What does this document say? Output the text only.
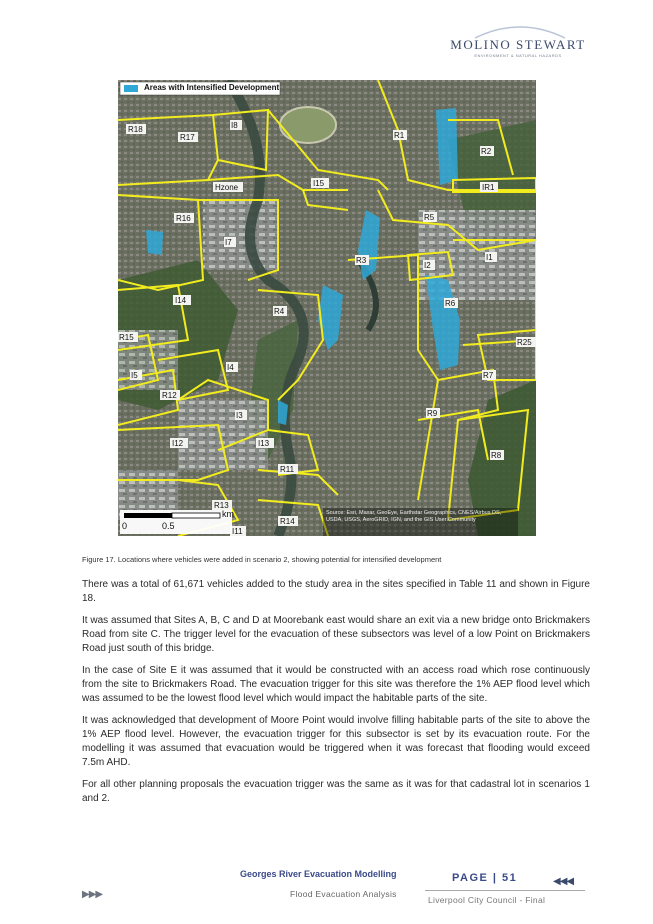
MOLINO STEWART
ENVIRONMENT & NATURAL HAZARDS
R18
R17
I8
R1
R2
IR1
Hzone	I15
R16	R5
I7
R3
I2
I1
I14	R6
R4
R15
R25
I4
I5	R7
R12
I3	R9
I12	I13
R8
R11
R13
R14
I11
Areas with Intensified Development
km
0	0.5
Source: Esri, Maxar, GeoEye, Earthstar Geographics, CNES/Airbus DS, USDA, USGS, AeroGRID, IGN, and the GIS User Community
Figure 17. Locations where vehicles were added in scenario 2, showing potential for intensified development

There was a total of 61,671 vehicles added to the study area in the sites specified in Table 11 and shown in Figure 18.

It was assumed that Sites A, B, C and D at Moorebank east would share an exit via a new bridge onto Brickmakers Road from site C. The trigger level for the evacuation of these subsectors was level of a low Point on Brickmakers Road just south of this bridge.

In the case of Site E it was assumed that it would be constructed with an access road which rose continuously from the site to Brickmakers Road. The evacuation trigger for this site was therefore the 1% AEP flood level which was assumed to be the lowest flood level which would impact the habitable parts of the site.

It was acknowledged that development of Moore Point would involve filling habitable parts of the site to above the 1% AEP flood level. However, the evacuation trigger for this subsector is set by its evacuation route. For the modelling it was assumed that evacuation would be triggered when it was forecast that flooding would exceed 7.5m AHD.

For all other planning proposals the evacuation trigger was the same as it was for that cadastral lot in scenarios 1 and 2.

Georges River Evacuation Modelling
Flood Evacuation Analysis
PAGE | 51
Liverpool City Council - Final
▶▶▶
◀◀◀
